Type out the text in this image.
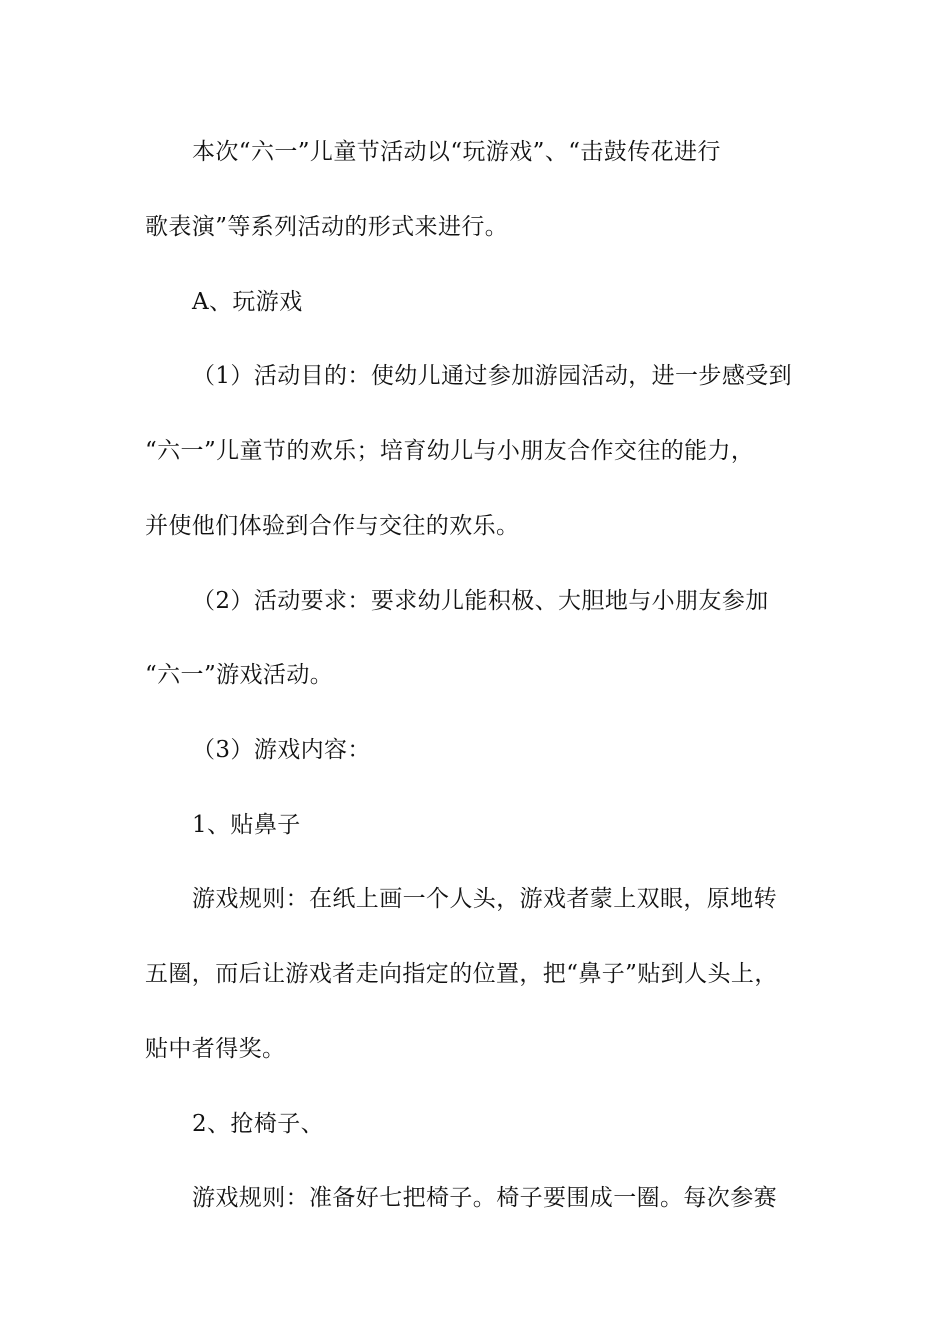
本次“六一”儿童节活动以“玩游戏”、“击鼓传花进行
歌表演”等系列活动的形式来进行。
A、玩游戏
（1）活动目的：使幼儿通过参加游园活动，进一步感受到
“六一”儿童节的欢乐；培育幼儿与小朋友合作交往的能力，
并使他们体验到合作与交往的欢乐。
（2）活动要求：要求幼儿能积极、大胆地与小朋友参加
“六一”游戏活动。
（3）游戏内容：
1、贴鼻子
游戏规则：在纸上画一个人头，游戏者蒙上双眼，原地转
五圈，而后让游戏者走向指定的位置，把“鼻子”贴到人头上，
贴中者得奖。
2、抢椅子、
游戏规则：准备好七把椅子。椅子要围成一圈。每次参赛
